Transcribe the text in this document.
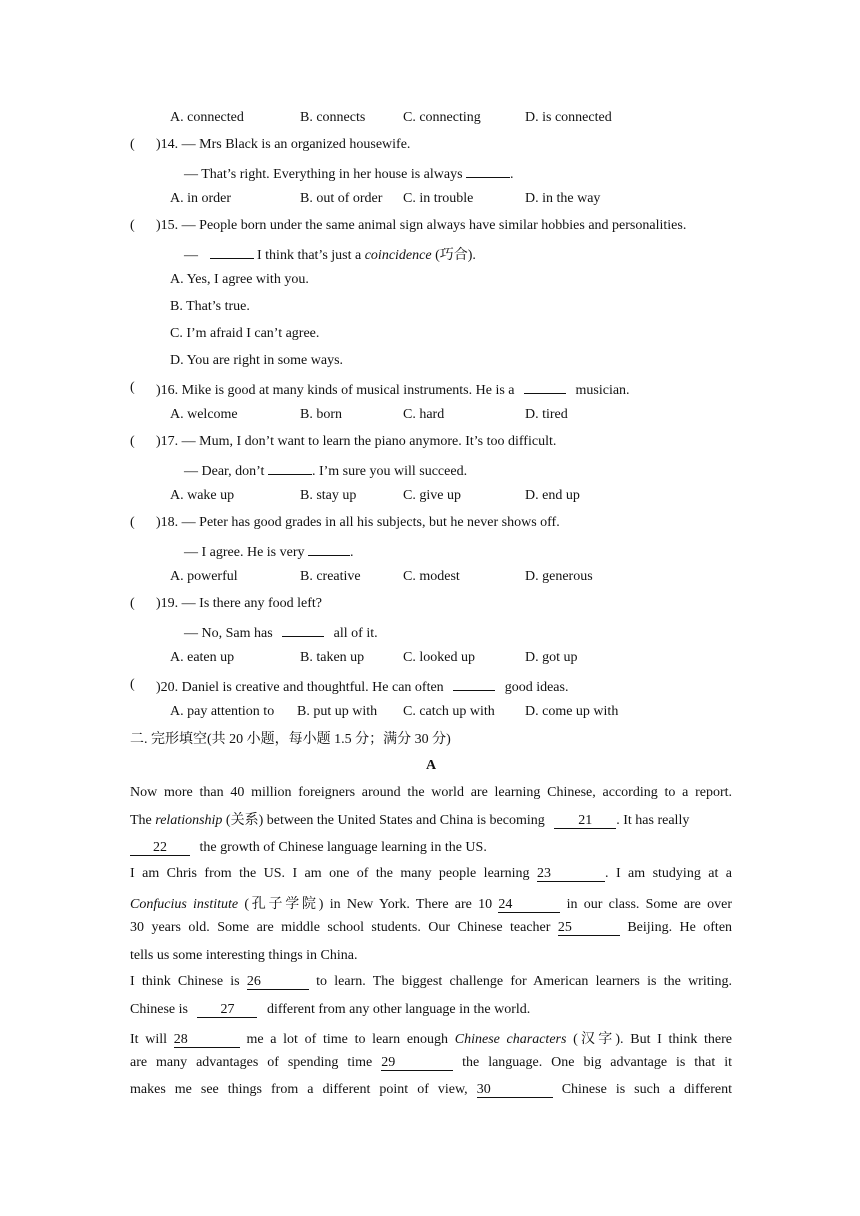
A. connected	B. connects	C. connecting	D. is connected
( )14. — Mrs Black is an organized housewife.
— That’s right. Everything in her house is always	.
A. in order	B. out of order C. in trouble	D. in the way
( )15. — People born under the same animal sign always have similar hobbies and personalities.
—	I think that’s just a coincidence (巧合).
A. Yes, I agree with you.
B. That’s true.
C. I’m afraid I can’t agree.
D. You are right in some ways.
( )16. Mike is good at many kinds of musical instruments. He is a	musician.
A. welcome	B. born	C. hard	D. tired
( )17. — Mum, I don’t want to learn the piano anymore. It’s too difficult.
— Dear, don’t	. I’m sure you will succeed.
A. wake up	B. stay up	C. give up	D. end up
( )18. — Peter has good grades in all his subjects, but he never shows off.
— I agree. He is very	.
A. powerful	B. creative	C. modest	D. generous
( )19. — Is there any food left?
— No, Sam has	all of it.
A. eaten up	B. taken up	C. looked up	D. got up
( )20. Daniel is creative and thoughtful. He can often	good ideas.
A. pay attention to B. put up with C. catch up with D. come up with
二. 完形填空(共 20 小题，每小题 1.5 分；满分 30 分)
A
Now more than 40 million foreigners around the world are learning Chinese, according to a report.
The relationship (关系) between the United States and China is becoming 21 . It has really
22 the growth of Chinese language learning in the US.
I am Chris from the US. I am one of the many people learning 23	. I am studying at a
Confucius institute (孔子学院) in New York. There are 10 24	in our class. Some are over
30 years old. Some are middle school students. Our Chinese teacher 25	Beijing. He often
tells us some interesting things in China.
I think Chinese is 26	to learn. The biggest challenge for American learners is the writing.
Chinese is 27 different from any other language in the world.
It will 28	me a lot of time to learn enough Chinese characters (汉字). But I think there
are many advantages of spending time 29	the language. One big advantage is that it
makes me see things from a different point of view, 30	Chinese is such a different
